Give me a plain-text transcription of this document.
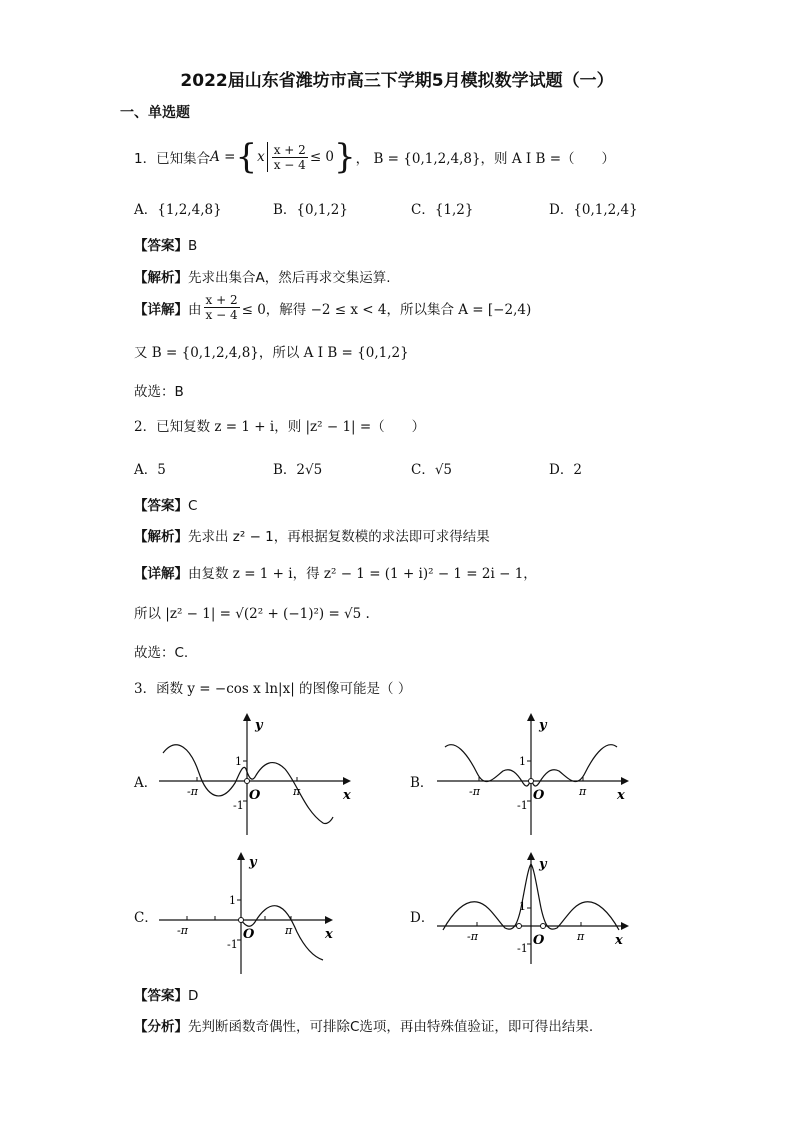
2022届山东省潍坊市高三下学期5月模拟数学试题（一）
一、单选题
1．已知集合 A = { x $\frac{x + 2}{x - 4} \le 0$ } ， B = {0,1,2,4,8}，则 A I B =（　　）
A．{1,2,4,8}	B．{0,1,2}	C．{1,2}	D．{0,1,2,4}
【答案】B
【解析】先求出集合A，然后再求交集运算.
【详解】 由 $\frac{x + 2}{x - 4} \le 0$，解得 −2 ≤ x < 4，所以集合 A = [−2,4)
又 B = {0,1,2,4,8}，所以 A I B = {0,1,2}
故选：B
2．已知复数 z = 1 + i，则 |z² − 1| =（　　）
A．5	B．2√5	C．√5	D．2
【答案】C
【解析】先求出 z² − 1，再根据复数模的求法即可求得结果
【详解】由复数 z = 1 + i，得 z² − 1 = (1 + i)² − 1 = 2i − 1，
所以 |z² − 1| = √(2² + (−1)²) = √5 .
故选：C.
3．函数 y = −cos x ln|x| 的图像可能是（ ）
A．
y
x
O
1
-1
-π	π
B．
y
x
O
1
-1
-π	π
C．
y
x
O
1
-1
-π	π
D．
y
x
O
1
-1
-π	π
【答案】D
【分析】先判断函数奇偶性，可排除C选项，再由特殊值验证，即可得出结果.
